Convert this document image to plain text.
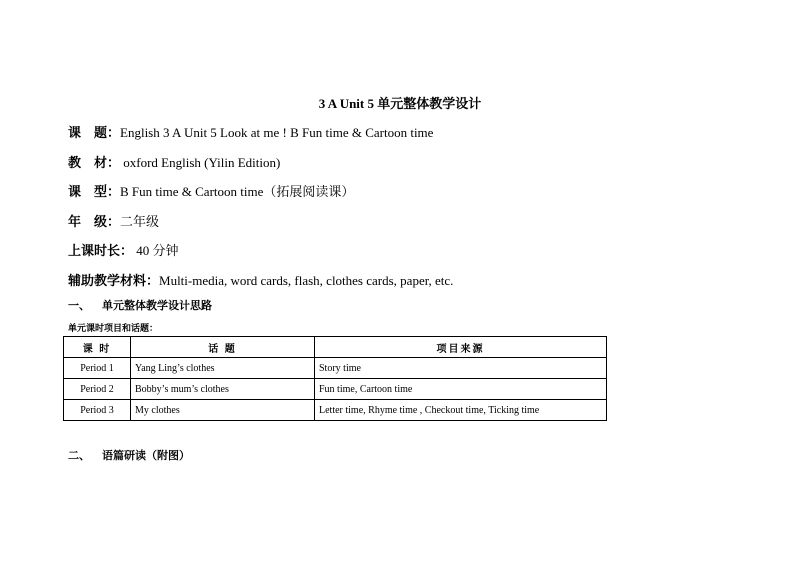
3 A Unit 5 单元整体教学设计
课　题：English 3 A Unit 5 Look at me ! B Fun time & Cartoon time
教　材： oxford English (Yilin Edition)
课　型：B Fun time & Cartoon time（拓展阅读课）
年　级：二年级
上课时长： 40 分钟
辅助教学材料：Multi-media, word cards, flash, clothes cards, paper, etc.
一、 单元整体教学设计思路
单元课时项目和话题：
课 时	话 题	项目来源
Period 1	Yang Ling’s clothes	Story time
Period 2	Bobby’s mum’s clothes	Fun time, Cartoon time
Period 3	My clothes	Letter time, Rhyme time , Checkout time, Ticking time
二、 语篇研读（附图）
